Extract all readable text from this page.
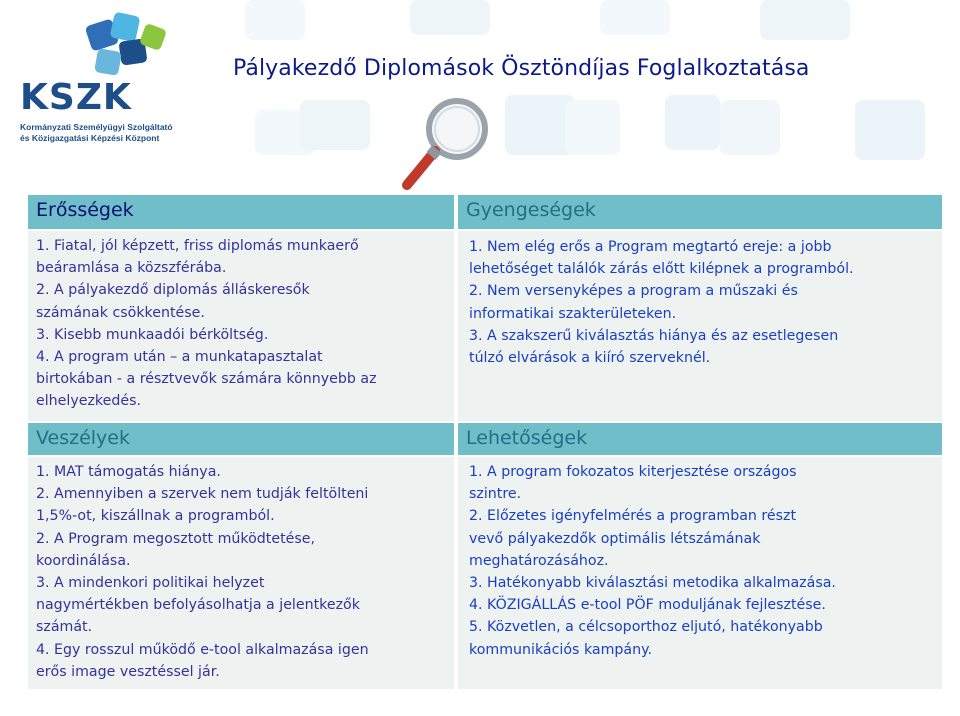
KSZK
Kormányzati Személyügyi Szolgáltató
és Közigazgatási Képzési Központ
Pályakezdő Diplomások Ösztöndíjas Foglalkoztatása
Erősségek
1. Fiatal, jól képzett, friss diplomás munkaerő
beáramlása a közszférába.
2. A pályakezdő diplomás álláskeresők
számának csökkentése.
3. Kisebb munkaadói bérköltség.
4. A program után – a munkatapasztalat
birtokában - a résztvevők számára könnyebb az
elhelyezkedés.
Gyengeségek
1. Nem elég erős a Program megtartó ereje: a jobb
lehetőséget találók zárás előtt kilépnek a programból.
2. Nem versenyképes a program a műszaki és
informatikai szakterületeken.
3. A szakszerű kiválasztás hiánya és az esetlegesen
túlzó elvárások a kiíró szerveknél.
Veszélyek
1. MAT támogatás hiánya.
2. Amennyiben a szervek nem tudják feltölteni
1,5%-ot, kiszállnak a programból.
2. A Program megosztott működtetése,
koordinálása.
3. A mindenkori politikai helyzet
nagymértékben befolyásolhatja a jelentkezők
számát.
4. Egy rosszul működő e-tool alkalmazása igen
erős image vesztéssel jár.
Lehetőségek
1. A program fokozatos kiterjesztése országos
szintre.
2. Előzetes igényfelmérés a programban részt
vevő pályakezdők optimális létszámának
meghatározásához.
3. Hatékonyabb kiválasztási metodika alkalmazása.
4. KÖZIGÁLLÁS e-tool PÖF moduljának fejlesztése.
5. Közvetlen, a célcsoporthoz eljutó, hatékonyabb
kommunikációs kampány.
